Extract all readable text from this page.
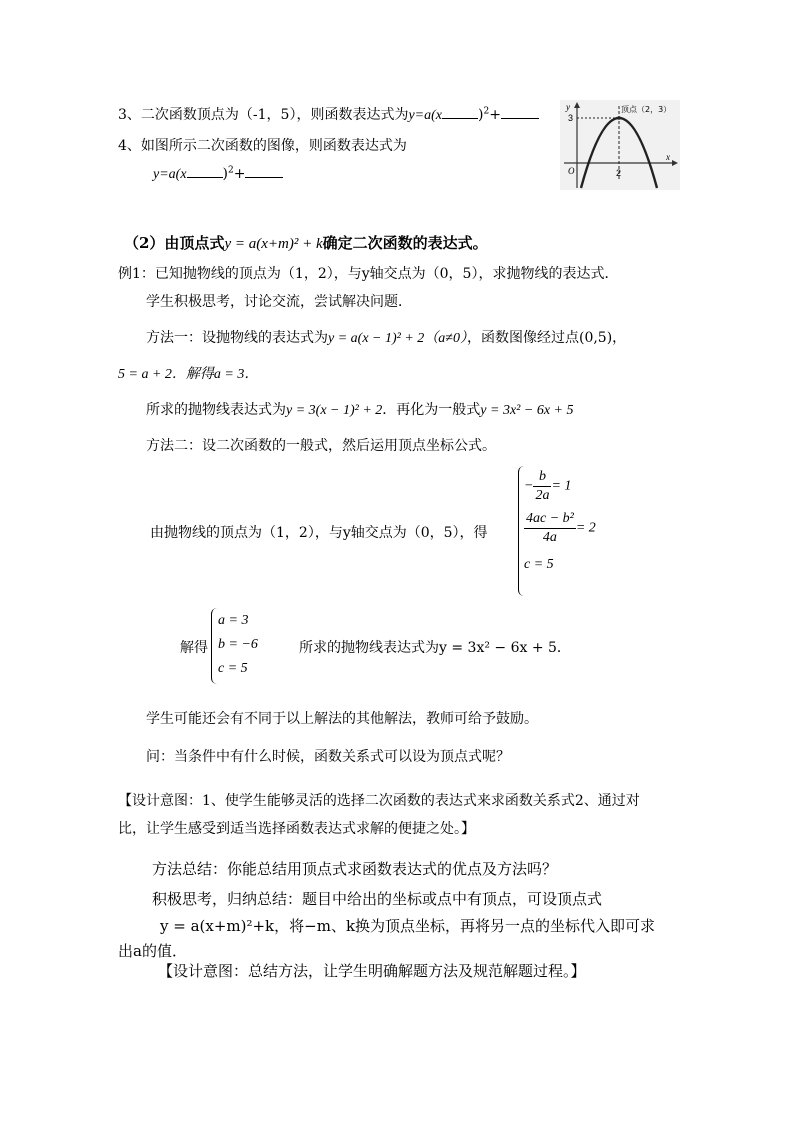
3、二次函数顶点为（-1，5），则函数表达式为y=a(x	)$^2$+
4、如图所示二次函数的图像，则函数表达式为
y=a(x	)$^2$+
y
x
O
3
2
顶点（2，3）
（2）由顶点式y = a(x+m)² + k确定二次函数的表达式。
例1：已知抛物线的顶点为（1，2），与y轴交点为（0，5），求抛物线的表达式．
学生积极思考，讨论交流，尝试解决问题．
方法一：设抛物线的表达式为y = a(x − 1)² + 2（a≠0），函数图像经过点(0,5)，
5 = a + 2．解得a = 3．
所求的抛物线表达式为y = 3(x − 1)² + 2．再化为一般式y = 3x² − 6x + 5
方法二：设二次函数的一般式，然后运用顶点坐标公式。
由抛物线的顶点为（1，2），与y轴交点为（0，5），得
− $\frac{b}{2a} = 1$
$\frac{\text{4ac − b²}}{4a} = 2$
c = 5
解得
a = 3
b = −6
c = 5
所求的抛物线表达式为y = 3x² − 6x + 5．
学生可能还会有不同于以上解法的其他解法，教师可给予鼓励。
问：当条件中有什么时候，函数关系式可以设为顶点式呢？
【设计意图：1、使学生能够灵活的选择二次函数的表达式来求函数关系式2、通过对
比，让学生感受到适当选择函数表达式求解的便捷之处。】
方法总结：你能总结用顶点式求函数表达式的优点及方法吗？
积极思考，归纳总结：题目中给出的坐标或点中有顶点，可设顶点式
y = a(x+m)²+k，将−m、k换为顶点坐标，再将另一点的坐标代入即可求
出a的值．
【设计意图：总结方法，让学生明确解题方法及规范解题过程。】
